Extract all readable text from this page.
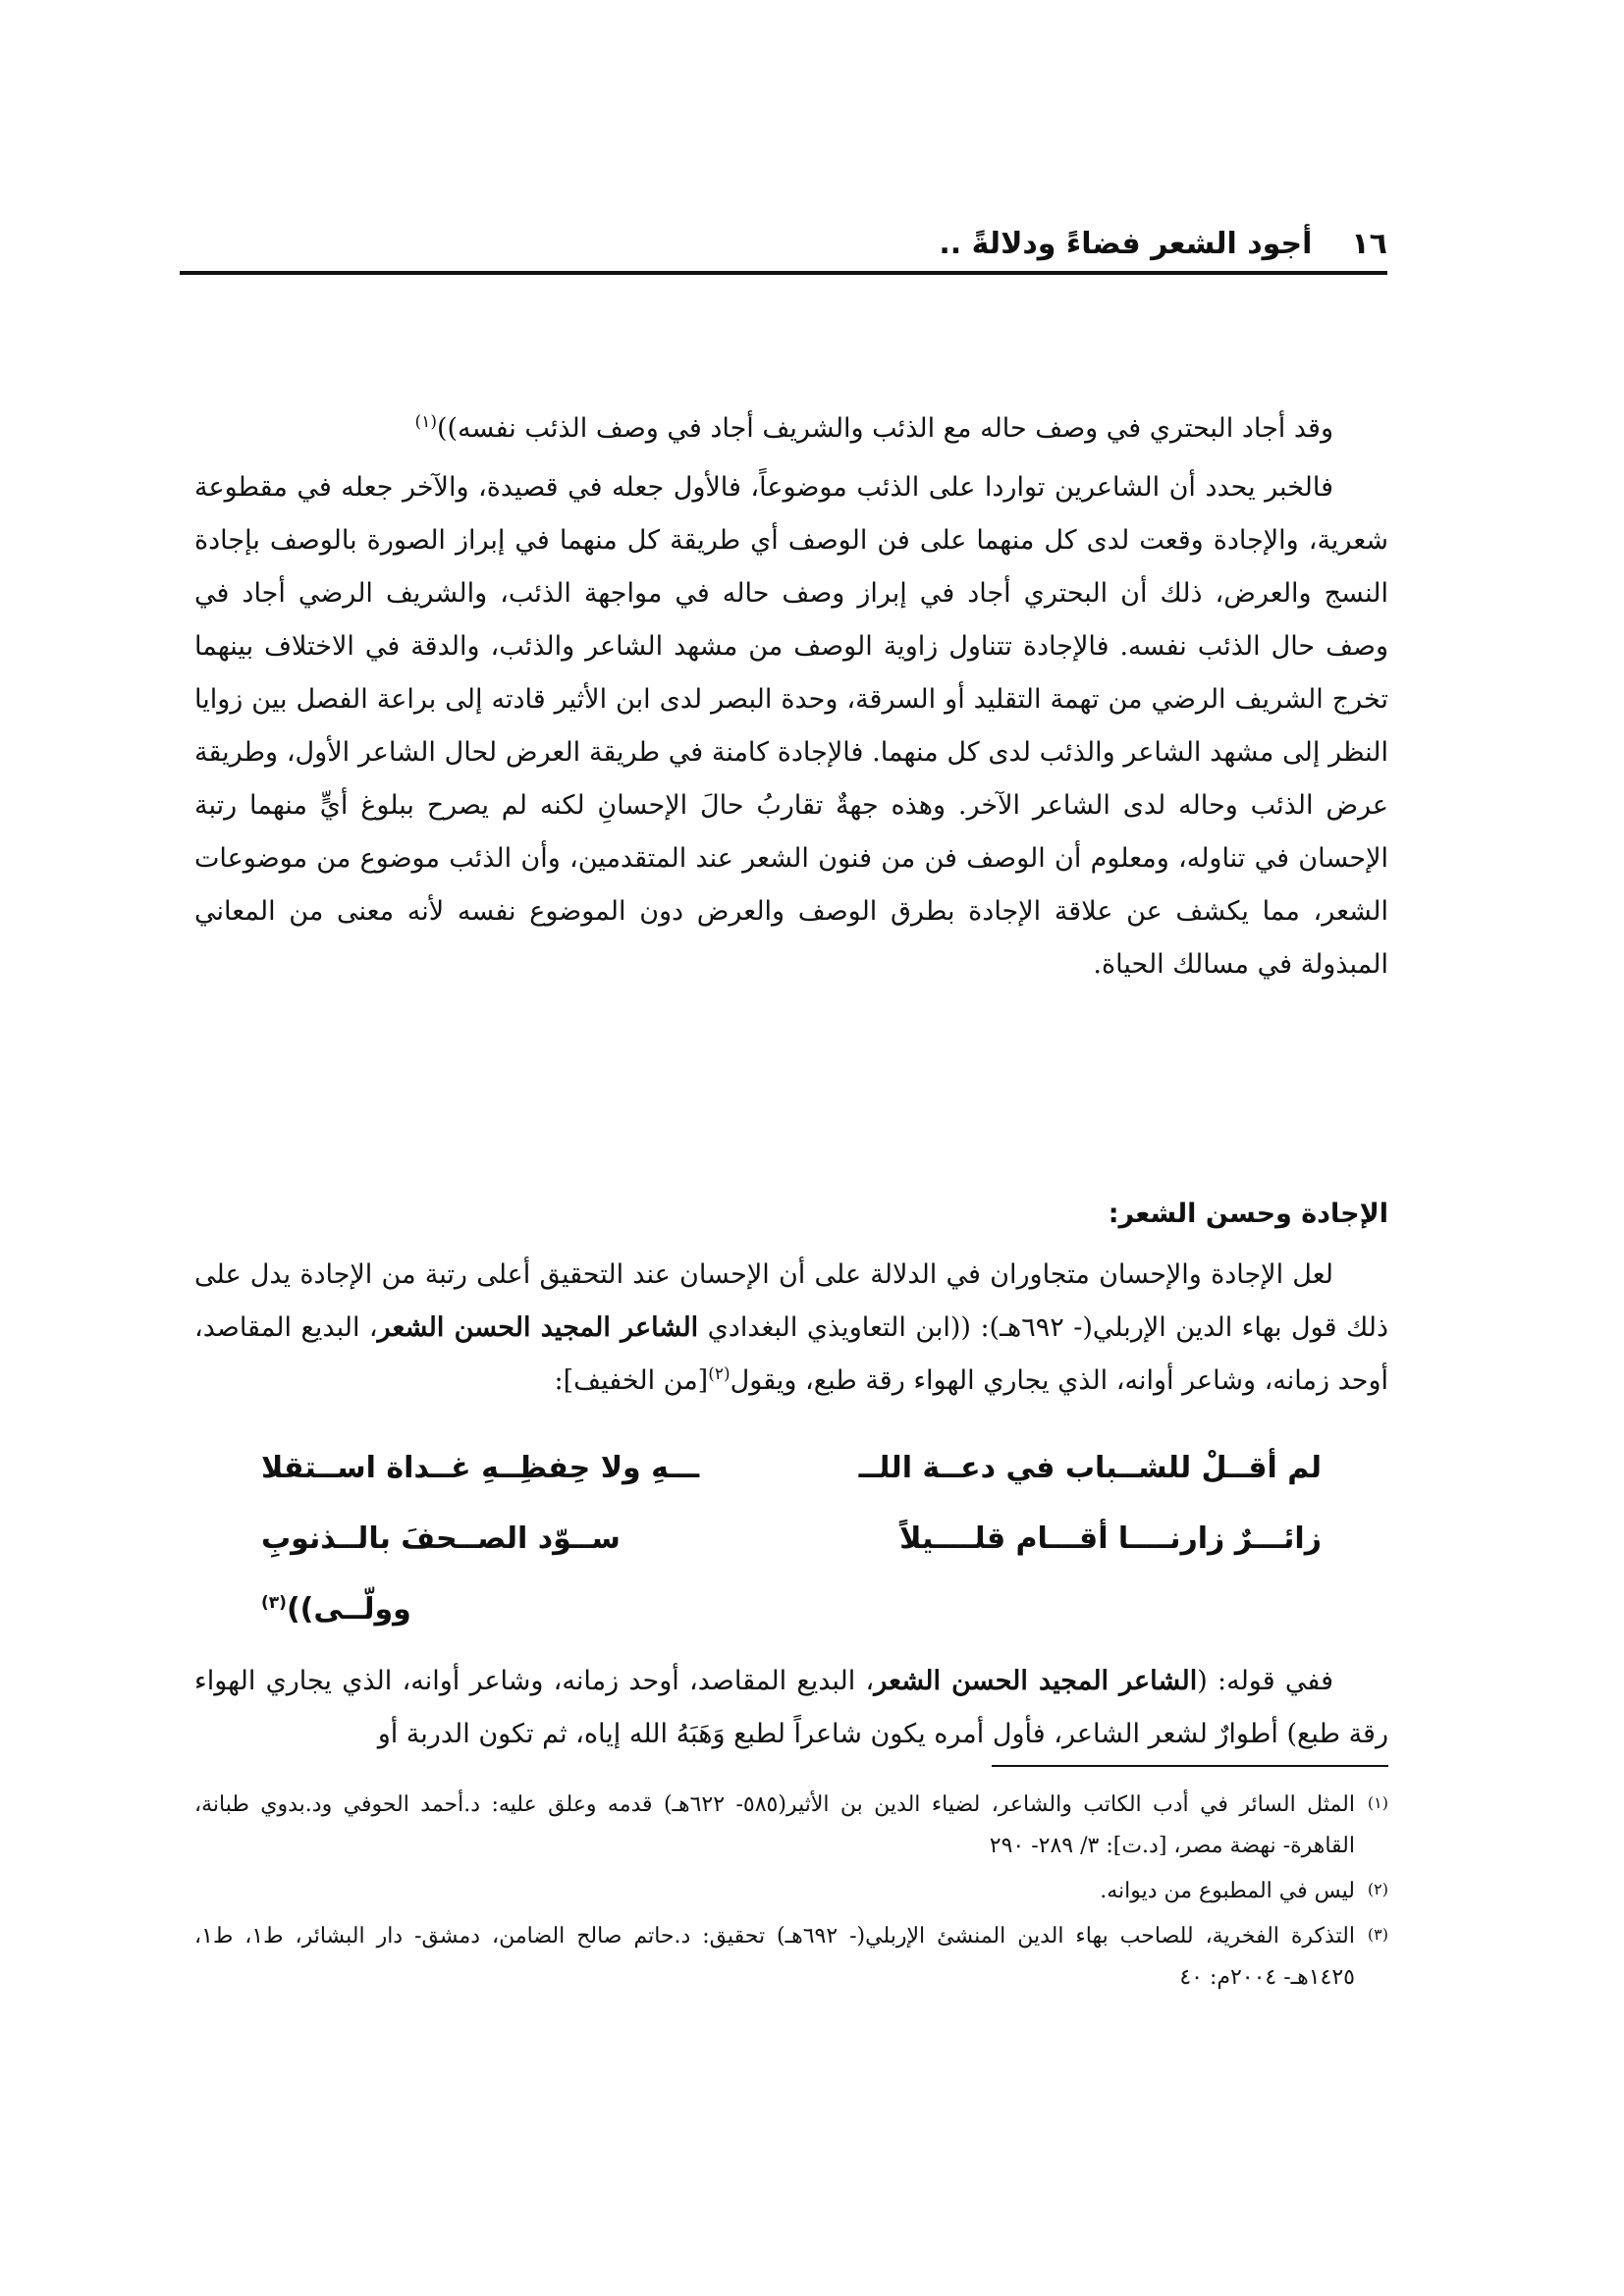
١٦
أجود الشعر فضاءً ودلالةً ..

وقد أجاد البحتري في وصف حاله مع الذئب والشريف أجاد في وصف الذئب نفسه))$^{(١)}$

فالخبر يحدد أن الشاعرين تواردا على الذئب موضوعاً، فالأول جعله في قصيدة، والآخر جعله في مقطوعة شعرية، والإجادة وقعت لدى كل منهما على فن الوصف أي طريقة كل منهما في إبراز الصورة بالوصف بإجادة النسج والعرض، ذلك أن البحتري أجاد في إبراز وصف حاله في مواجهة الذئب، والشريف الرضي أجاد في وصف حال الذئب نفسه. فالإجادة تتناول زاوية الوصف من مشهد الشاعر والذئب، والدقة في الاختلاف بينهما تخرج الشريف الرضي من تهمة التقليد أو السرقة، وحدة البصر لدى ابن الأثير قادته إلى براعة الفصل بين زوايا النظر إلى مشهد الشاعر والذئب لدى كل منهما. فالإجادة كامنة في طريقة العرض لحال الشاعر الأول، وطريقة عرض الذئب وحاله لدى الشاعر الآخر. وهذه جهةٌ تقاربُ حالَ الإحسانِ لكنه لم يصرح ببلوغ أيٍّ منهما رتبة الإحسان في تناوله، ومعلوم أن الوصف فن من فنون الشعر عند المتقدمين، وأن الذئب موضوع من موضوعات الشعر، مما يكشف عن علاقة الإجادة بطرق الوصف والعرض دون الموضوع نفسه لأنه معنى من المعاني المبذولة في مسالك الحياة.

الإجادة وحسن الشعر:

لعل الإجادة والإحسان متجاوران في الدلالة على أن الإحسان عند التحقيق أعلى رتبة من الإجادة يدل على ذلك قول بهاء الدين الإربلي(- ٦٩٢هـ): ((ابن التعاويذي البغدادي الشاعر المجيد الحسن الشعر، البديع المقاصد، أوحد زمانه، وشاعر أوانه، الذي يجاري الهواء رقة طبع، ويقول$^{(٢)}$[من الخفيف]:

لم أقــلْ للشــباب في دعــة اللــ
ـــهِ ولا حِفظِــهِ غــداة اســتقلا
زائـــرٌ زارنــــا أقـــام قلــــيلاً
ســوّد الصــحفَ بالــذنوبِ وولّــى))$^{(٣)}$

ففي قوله: (الشاعر المجيد الحسن الشعر، البديع المقاصد، أوحد زمانه، وشاعر أوانه، الذي يجاري الهواء رقة طبع) أطوارٌ لشعر الشاعر، فأول أمره يكون شاعراً لطبع وَهَبَهُ الله إياه، ثم تكون الدربة أو

(١)
المثل السائر في أدب الكاتب والشاعر، لضياء الدين بن الأثير(٥٨٥- ٦٢٢هـ) قدمه وعلق عليه: د.أحمد الحوفي ود.بدوي طبانة، القاهرة- نهضة مصر، [د.ت]: ٣/ ٢٨٩- ٢٩٠

(٢)
ليس في المطبوع من ديوانه.

(٣)
التذكرة الفخرية، للصاحب بهاء الدين المنشئ الإربلي(- ٦٩٢هـ) تحقيق: د.حاتم صالح الضامن، دمشق- دار البشائر، ط١، ط١، ١٤٢٥هـ- ٢٠٠٤م: ٤٠
